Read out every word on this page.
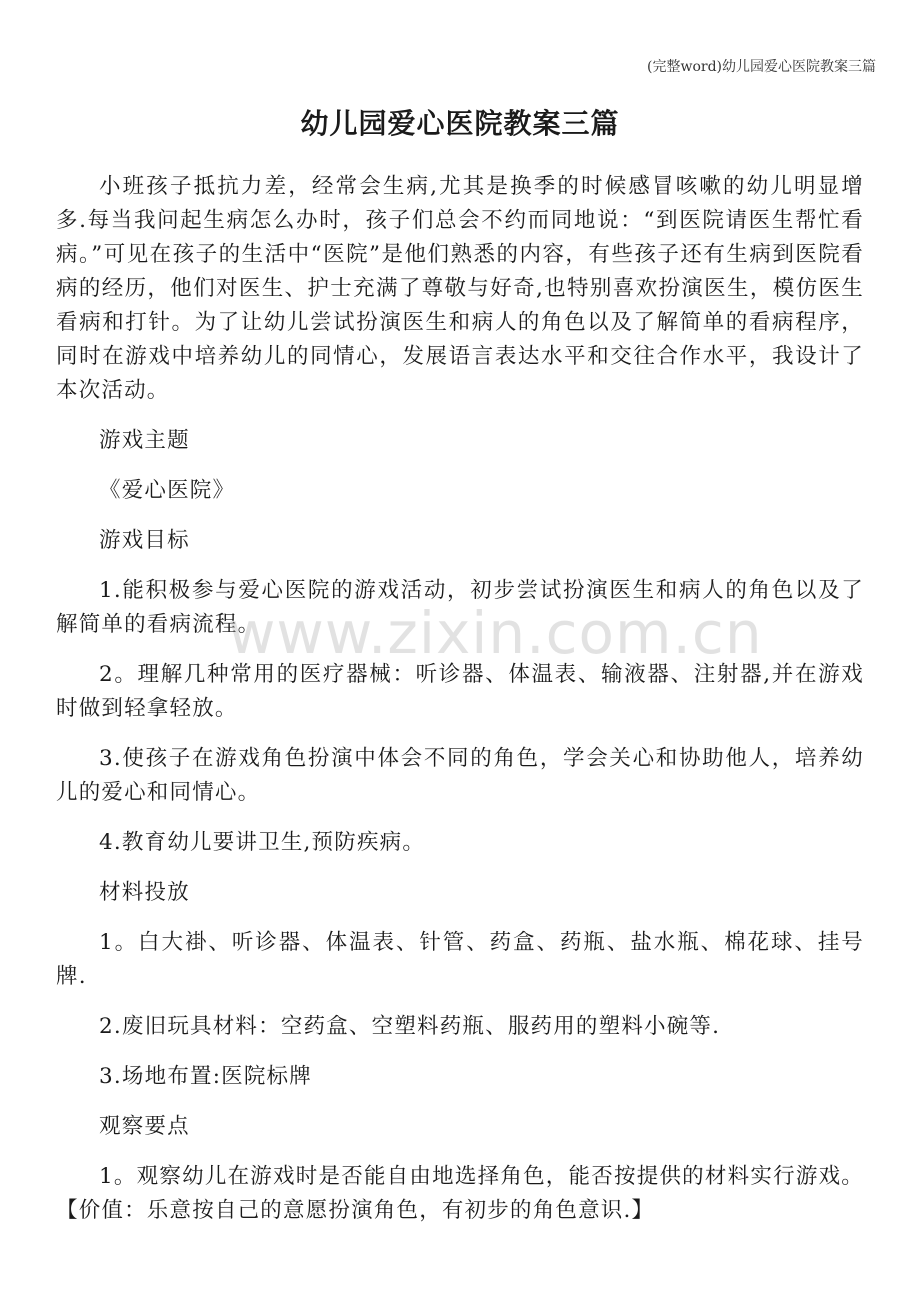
(完整word)幼儿园爱心医院教案三篇
幼儿园爱心医院教案三篇

小班孩子抵抗力差，经常会生病,尤其是换季的时候感冒咳嗽的幼儿明显增多.每当我问起生病怎么办时，孩子们总会不约而同地说：“到医院请医生帮忙看病。”可见在孩子的生活中“医院”是他们熟悉的内容，有些孩子还有生病到医院看病的经历，他们对医生、护士充满了尊敬与好奇,也特别喜欢扮演医生，模仿医生看病和打针。为了让幼儿尝试扮演医生和病人的角色以及了解简单的看病程序，同时在游戏中培养幼儿的同情心，发展语言表达水平和交往合作水平，我设计了本次活动。

游戏主题

《爱心医院》

游戏目标

1.能积极参与爱心医院的游戏活动，初步尝试扮演医生和病人的角色以及了解简单的看病流程。

2。理解几种常用的医疗器械：听诊器、体温表、输液器、注射器,并在游戏时做到轻拿轻放。

3.使孩子在游戏角色扮演中体会不同的角色，学会关心和协助他人，培养幼儿的爱心和同情心。

4.教育幼儿要讲卫生,预防疾病。

材料投放

1。白大褂、听诊器、体温表、针管、药盒、药瓶、盐水瓶、棉花球、挂号牌.

2.废旧玩具材料：空药盒、空塑料药瓶、服药用的塑料小碗等.

3.场地布置:医院标牌

观察要点

1。观察幼儿在游戏时是否能自由地选择角色，能否按提供的材料实行游戏。【价值：乐意按自己的意愿扮演角色，有初步的角色意识.】

www.zixin.com.cn
